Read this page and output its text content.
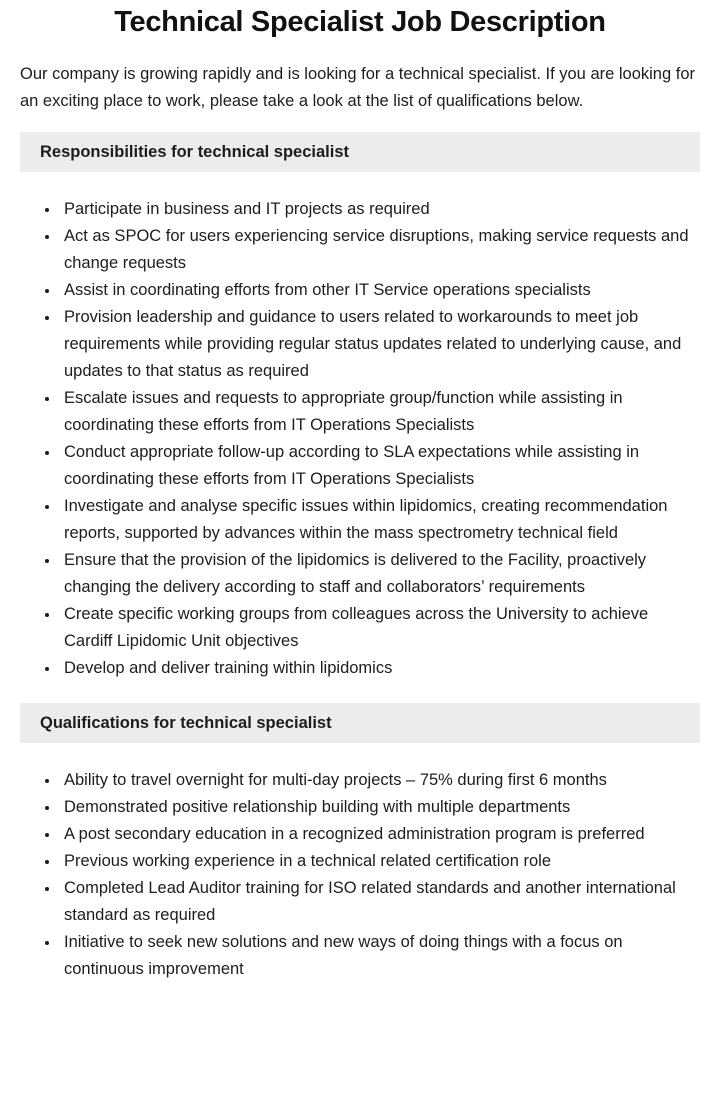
Technical Specialist Job Description

Our company is growing rapidly and is looking for a technical specialist. If you are looking for an exciting place to work, please take a look at the list of qualifications below.

Responsibilities for technical specialist
• Participate in business and IT projects as required
• Act as SPOC for users experiencing service disruptions, making service requests and change requests
• Assist in coordinating efforts from other IT Service operations specialists
• Provision leadership and guidance to users related to workarounds to meet job requirements while providing regular status updates related to underlying cause, and updates to that status as required
• Escalate issues and requests to appropriate group/function while assisting in coordinating these efforts from IT Operations Specialists
• Conduct appropriate follow-up according to SLA expectations while assisting in coordinating these efforts from IT Operations Specialists
• Investigate and analyse specific issues within lipidomics, creating recommendation reports, supported by advances within the mass spectrometry technical field
• Ensure that the provision of the lipidomics is delivered to the Facility, proactively changing the delivery according to staff and collaborators’ requirements
• Create specific working groups from colleagues across the University to achieve Cardiff Lipidomic Unit objectives
• Develop and deliver training within lipidomics
Qualifications for technical specialist
• Ability to travel overnight for multi-day projects – 75% during first 6 months
• Demonstrated positive relationship building with multiple departments
• A post secondary education in a recognized administration program is preferred
• Previous working experience in a technical related certification role
• Completed Lead Auditor training for ISO related standards and another international standard as required
• Initiative to seek new solutions and new ways of doing things with a focus on continuous improvement
